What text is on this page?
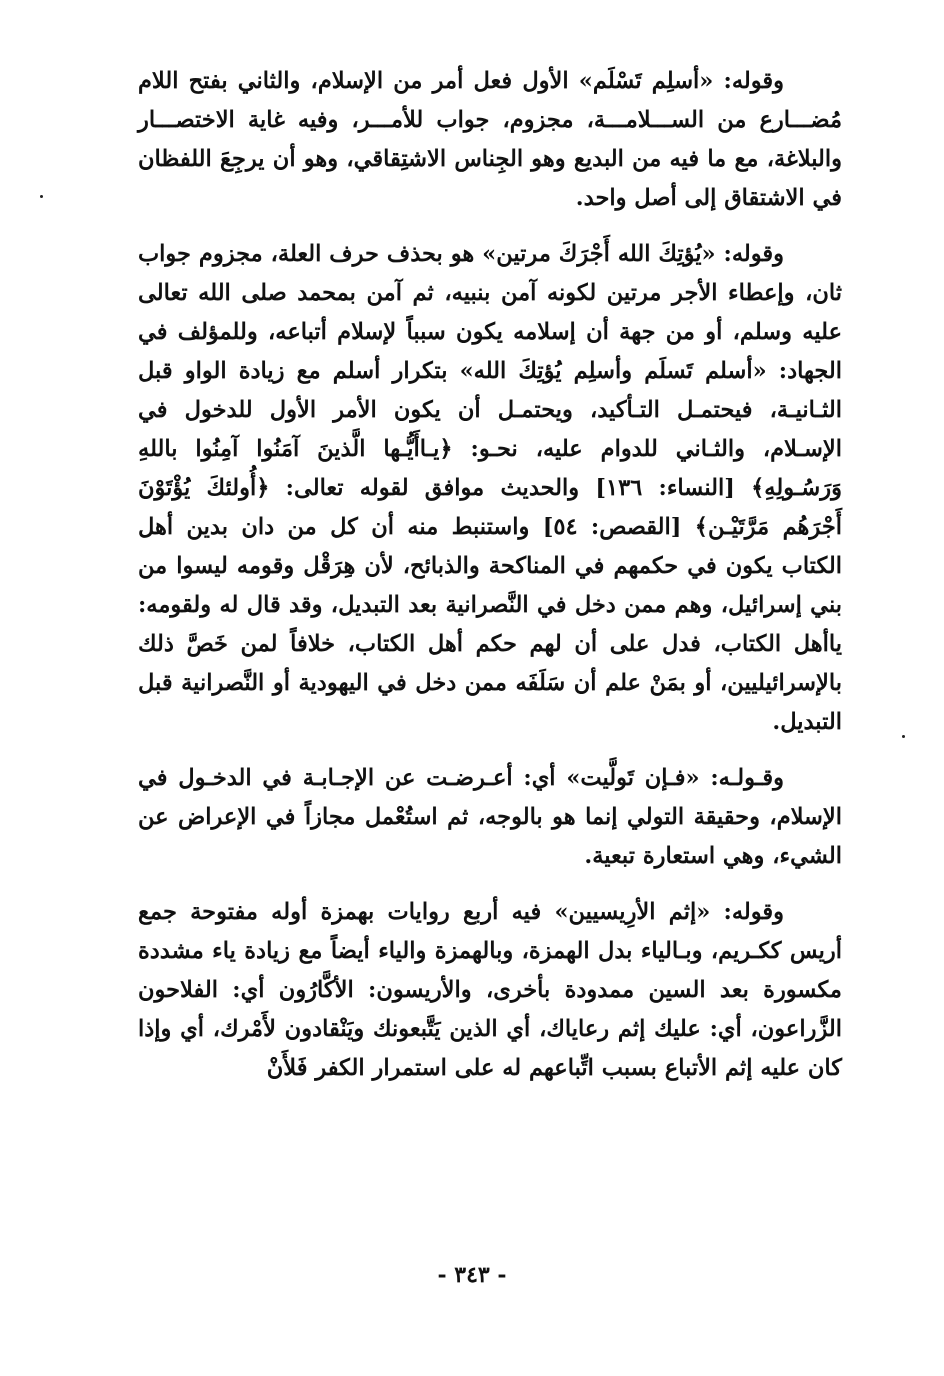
وقوله: «أسلِم تَسْلَم» الأول فعل أمر من الإسلام، والثاني بفتح اللام مُضـــارع من الســـلامـــة، مجزوم، جواب للأمـــر، وفيه غاية الاختصـــار والبلاغة، مع ما فيه من البديع وهو الجِناس الاشتِقاقي، وهو أن يرجِعَ اللفظان في الاشتقاق إلى أصل واحد.

وقوله: «يُؤتِكَ الله أَجْرَكَ مرتين» هو بحذف حرف العلة، مجزوم جواب ثان، وإعطاء الأجر مرتين لكونه آمن بنبيه، ثم آمن بمحمد صلى الله تعالى عليه وسلم، أو من جهة أن إسلامه يكون سبباً لإسلام أتباعه، وللمؤلف في الجهاد: «أسلم تَسلَم وأسلِم يُؤتِكَ الله» بتكرار أسلم مع زيادة الواو قبل الثـانيـة، فيحتمـل التـأكيد، ويحتمـل أن يكون الأمر الأول للدخول في الإسـلام، والثـاني للدوام عليه، نحـو: ﴿يـاأَيُّـها الَّذينَ آمَنُوا آمِنُوا باللهِ وَرَسُـولِهِ﴾ [النساء: ١٣٦] والحديث موافق لقوله تعالى: ﴿أُولئكَ يُؤْتَوْنَ أَجْرَهُم مَرَّتَيْـن﴾ [القصص: ٥٤] واستنبط منه أن كل من دان بدين أهل الكتاب يكون في حكمهم في المناكحة والذبائح، لأن هِرَقْل وقومه ليسوا من بني إسرائيل، وهم ممن دخل في النَّصرانية بعد التبديل، وقد قال له ولقومه: ياأهل الكتاب، فدل على أن لهم حكم أهل الكتاب، خلافاً لمن خَصَّ ذلك بالإسرائيليين، أو بمَنْ علم أن سَلَفَه ممن دخل في اليهودية أو النَّصرانية قبل التبديل.

وقـولـه: «فـإن تَولَّيت» أي: أعـرضـت عن الإجـابـة في الدخـول في الإسلام، وحقيقة التولي إنما هو بالوجه، ثم استُعْمل مجازاً في الإعراض عن الشيء، وهي استعارة تبعية.

وقوله: «إثم الأرِيسيين» فيه أربع روايات بهمزة أوله مفتوحة جمع أريس ككـريم، وبـالياء بدل الهمزة، وبالهمزة والياء أيضاً مع زيادة ياء مشددة مكسورة بعد السين ممدودة بأخرى، والأريسون: الأكَّارُون أي: الفلاحون الزَّراعون، أي: عليك إثم رعاياك، أي الذين يَتَّبعونك ويَنْقادون لأَمْرك، أي وإذا كان عليه إثم الأتباع بسبب اتِّباعهم له على استمرار الكفر فَلأَنْ

- ٣٤٣ -
